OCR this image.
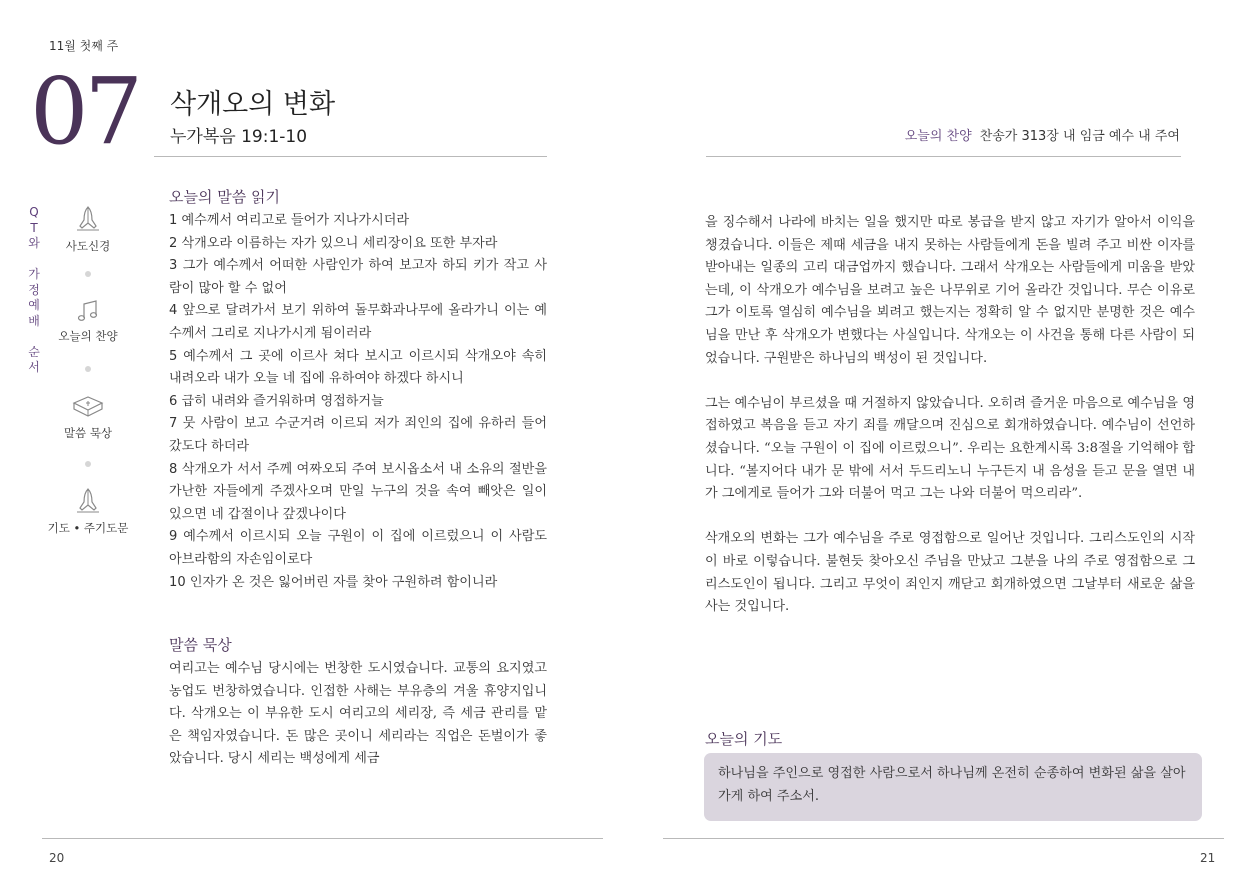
11월 첫째 주
07 삭개오의 변화
누가복음 19:1-10	오늘의 찬양 찬송가 313장 내 임금 예수 내 주여
Q
T
와
가
정
예
배
순
서
사도신경
오늘의 찬양
말씀 묵상
기도 • 주기도문
오늘의 말씀 읽기
1 예수께서 여리고로 들어가 지나가시더라
2 삭개오라 이름하는 자가 있으니 세리장이요 또한 부자라
3 그가 예수께서 어떠한 사람인가 하여 보고자 하되 키가 작고 사람이 많아 할 수 없어
4 앞으로 달려가서 보기 위하여 돌무화과나무에 올라가니 이는 예수께서 그리로 지나가시게 됨이러라
5 예수께서 그 곳에 이르사 쳐다 보시고 이르시되 삭개오야 속히 내려오라 내가 오늘 네 집에 유하여야 하겠다 하시니
6 급히 내려와 즐거워하며 영접하거늘
7 뭇 사람이 보고 수군거려 이르되 저가 죄인의 집에 유하러 들어갔도다 하더라
8 삭개오가 서서 주께 여짜오되 주여 보시옵소서 내 소유의 절반을 가난한 자들에게 주겠사오며 만일 누구의 것을 속여 빼앗은 일이 있으면 네 갑절이나 갚겠나이다
9 예수께서 이르시되 오늘 구원이 이 집에 이르렀으니 이 사람도 아브라함의 자손임이로다
10 인자가 온 것은 잃어버린 자를 찾아 구원하려 함이니라
말씀 묵상
여리고는 예수님 당시에는 번창한 도시였습니다. 교통의 요지였고 농업도 번창하였습니다. 인접한 사해는 부유층의 겨울 휴양지입니다. 삭개오는 이 부유한 도시 여리고의 세리장, 즉 세금 관리를 맡은 책임자였습니다. 돈 많은 곳이니 세리라는 직업은 돈벌이가 좋았습니다. 당시 세리는 백성에게 세금

을 징수해서 나라에 바치는 일을 했지만 따로 봉급을 받지 않고 자기가 알아서 이익을 챙겼습니다. 이들은 제때 세금을 내지 못하는 사람들에게 돈을 빌려 주고 비싼 이자를 받아내는 일종의 고리 대금업까지 했습니다. 그래서 삭개오는 사람들에게 미움을 받았는데, 이 삭개오가 예수님을 보려고 높은 나무위로 기어 올라간 것입니다. 무슨 이유로 그가 이토록 열심히 예수님을 뵈려고 했는지는 정확히 알 수 없지만 분명한 것은 예수님을 만난 후 삭개오가 변했다는 사실입니다. 삭개오는 이 사건을 통해 다른 사람이 되었습니다. 구원받은 하나님의 백성이 된 것입니다.

그는 예수님이 부르셨을 때 거절하지 않았습니다. 오히려 즐거운 마음으로 예수님을 영접하였고 복음을 듣고 자기 죄를 깨달으며 진심으로 회개하였습니다. 예수님이 선언하셨습니다. “오늘 구원이 이 집에 이르렀으니”. 우리는 요한계시록 3:8절을 기억해야 합니다. “볼지어다 내가 문 밖에 서서 두드리노니 누구든지 내 음성을 듣고 문을 열면 내가 그에게로 들어가 그와 더불어 먹고 그는 나와 더불어 먹으리라”.

삭개오의 변화는 그가 예수님을 주로 영접함으로 일어난 것입니다. 그리스도인의 시작이 바로 이렇습니다. 불현듯 찾아오신 주님을 만났고 그분을 나의 주로 영접함으로 그리스도인이 됩니다. 그리고 무엇이 죄인지 깨닫고 회개하였으면 그날부터 새로운 삶을 사는 것입니다.

오늘의 기도
하나님을 주인으로 영접한 사람으로서 하나님께 온전히 순종하여 변화된 삶을 살아가게 하여 주소서.
20	21
